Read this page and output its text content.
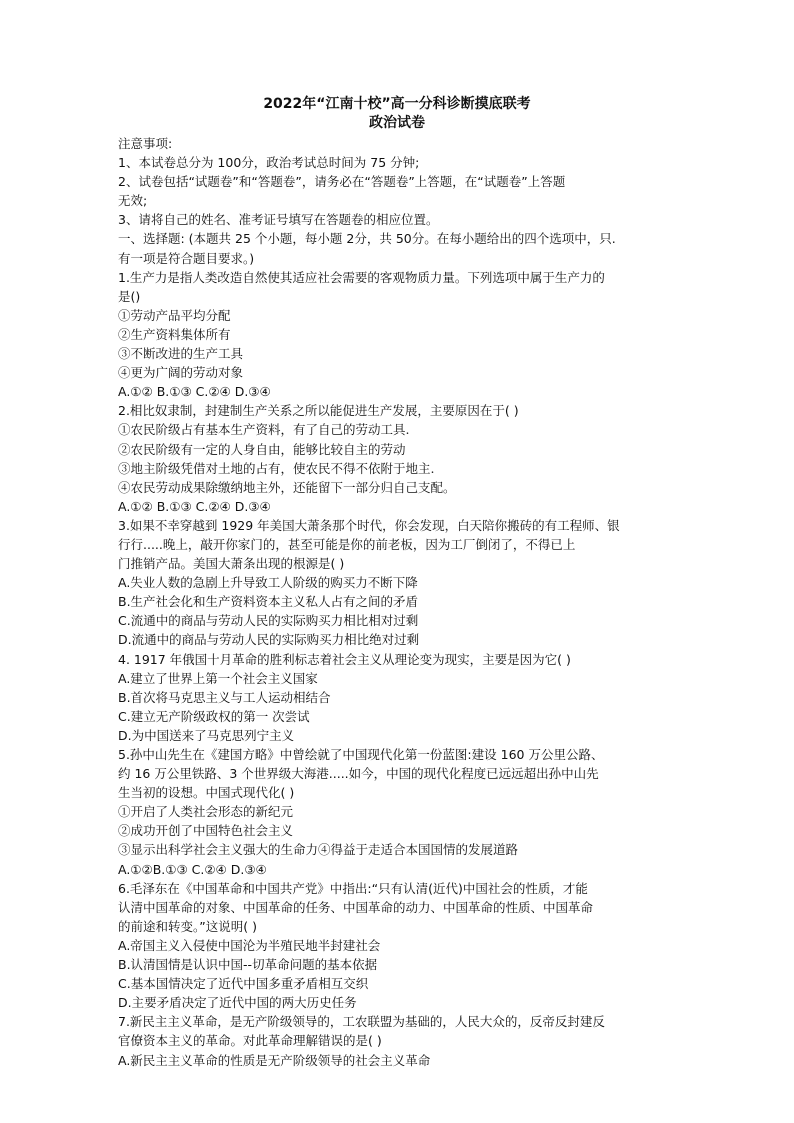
2022年“江南十校”高一分科诊断摸底联考
政治试卷
注意事项:
1、本试卷总分为 100分，政治考试总时间为 75 分钟;
2、试卷包括“试题卷”和“答题卷”，请务必在“答题卷”上答题，在“试题卷”上答题
无效;
3、请将自己的姓名、准考证号填写在答题卷的相应位置。
一、选择题: (本题共 25 个小题，每小题 2分，共 50分。在每小题给出的四个选项中，只.
有一项是符合题目要求。)
1.生产力是指人类改造自然使其适应社会需要的客观物质力量。下列选项中属于生产力的
是()
①劳动产品平均分配
②生产资料集体所有
③不断改进的生产工具
④更为广阔的劳动对象
A.①② B.①③ C.②④ D.③④
2.相比奴隶制，封建制生产关系之所以能促进生产发展，主要原因在于( )
①农民阶级占有基本生产资料，有了自己的劳动工具.
②农民阶级有一定的人身自由，能够比较自主的劳动
③地主阶级凭借对土地的占有，使农民不得不依附于地主.
④农民劳动成果除缴纳地主外，还能留下一部分归自己支配。
A.①② B.①③ C.②④ D.③④
3.如果不幸穿越到 1929 年美国大萧条那个时代，你会发现，白天陪你搬砖的有工程师、银
行行.....晚上，敲开你家门的，甚至可能是你的前老板，因为工厂倒闭了，不得已上
门推销产品。美国大萧条出现的根源是( )
A.失业人数的急剧上升导致工人阶级的购买力不断下降
B.生产社会化和生产资料资本主义私人占有之间的矛盾
C.流通中的商品与劳动人民的实际购买力相比相对过剩
D.流通中的商品与劳动人民的实际购买力相比绝对过剩
4. 1917 年俄国十月革命的胜利标志着社会主义从理论变为现实，主要是因为它( )
A.建立了世界上第一个社会主义国家
B.首次将马克思主义与工人运动相结合
C.建立无产阶级政权的第一 次尝试
D.为中国送来了马克思列宁主义
5.孙中山先生在《建国方略》中曾绘就了中国现代化第一份蓝图:建设 160 万公里公路、
约 16 万公里铁路、3 个世界级大海港.....如今，中国的现代化程度已远远超出孙中山先
生当初的设想。中国式现代化( )
①开启了人类社会形态的新纪元
②成功开创了中国特色社会主义
③显示出科学社会主义强大的生命力④得益于走适合本国国情的发展道路
A.①②B.①③ C.②④ D.③④
6.毛泽东在《中国革命和中国共产党》中指出:“只有认清(近代)中国社会的性质，才能
认清中国革命的对象、中国革命的任务、中国革命的动力、中国革命的性质、中国革命
的前途和转变。”这说明( )
A.帝国主义入侵使中国沦为半殖民地半封建社会
B.认清国情是认识中国--切革命问题的基本依据
C.基本国情决定了近代中国多重矛盾相互交织
D.主要矛盾决定了近代中国的两大历史任务
7.新民主主义革命，是无产阶级领导的，工农联盟为基础的，人民大众的，反帝反封建反
官僚资本主义的革命。对此革命理解错误的是( )
A.新民主主义革命的性质是无产阶级领导的社会主义革命
